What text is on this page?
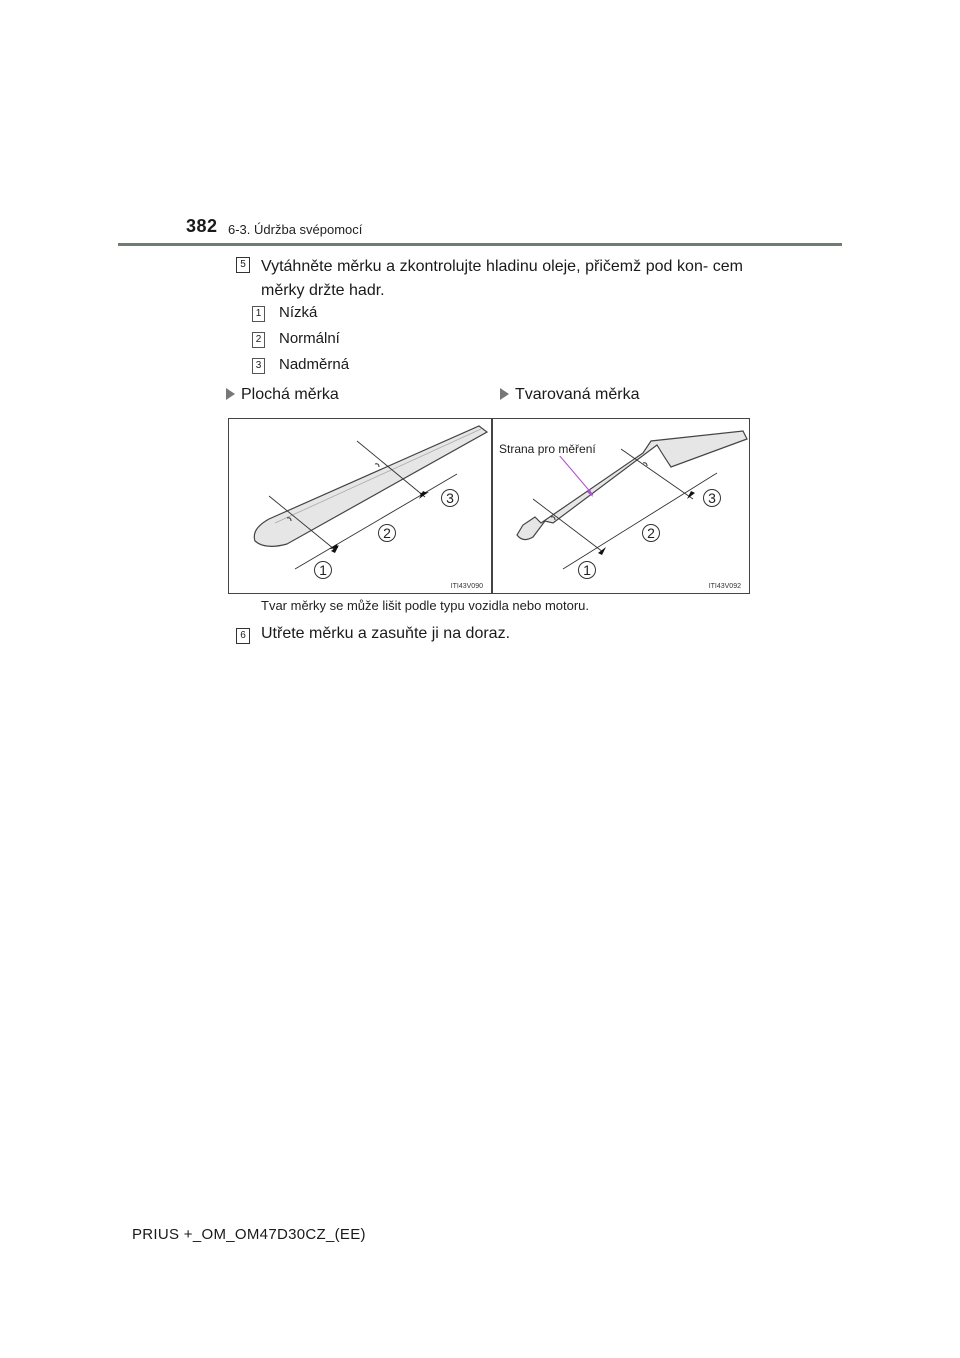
382 6-3. Údržba svépomocí
5 Vytáhněte měrku a zkontrolujte hladinu oleje, přičemž pod kon- cem měrky držte hadr.
1 Nízká
2 Normální
3 Nadměrná
Plochá měrka	Tvarovaná měrka
1
2
3
ITI43V090
1
2
3
Strana pro měření
ITI43V092
Tvar měrky se může lišit podle typu vozidla nebo motoru.
6 Utřete měrku a zasuňte ji na doraz.
PRIUS +_OM_OM47D30CZ_(EE)
